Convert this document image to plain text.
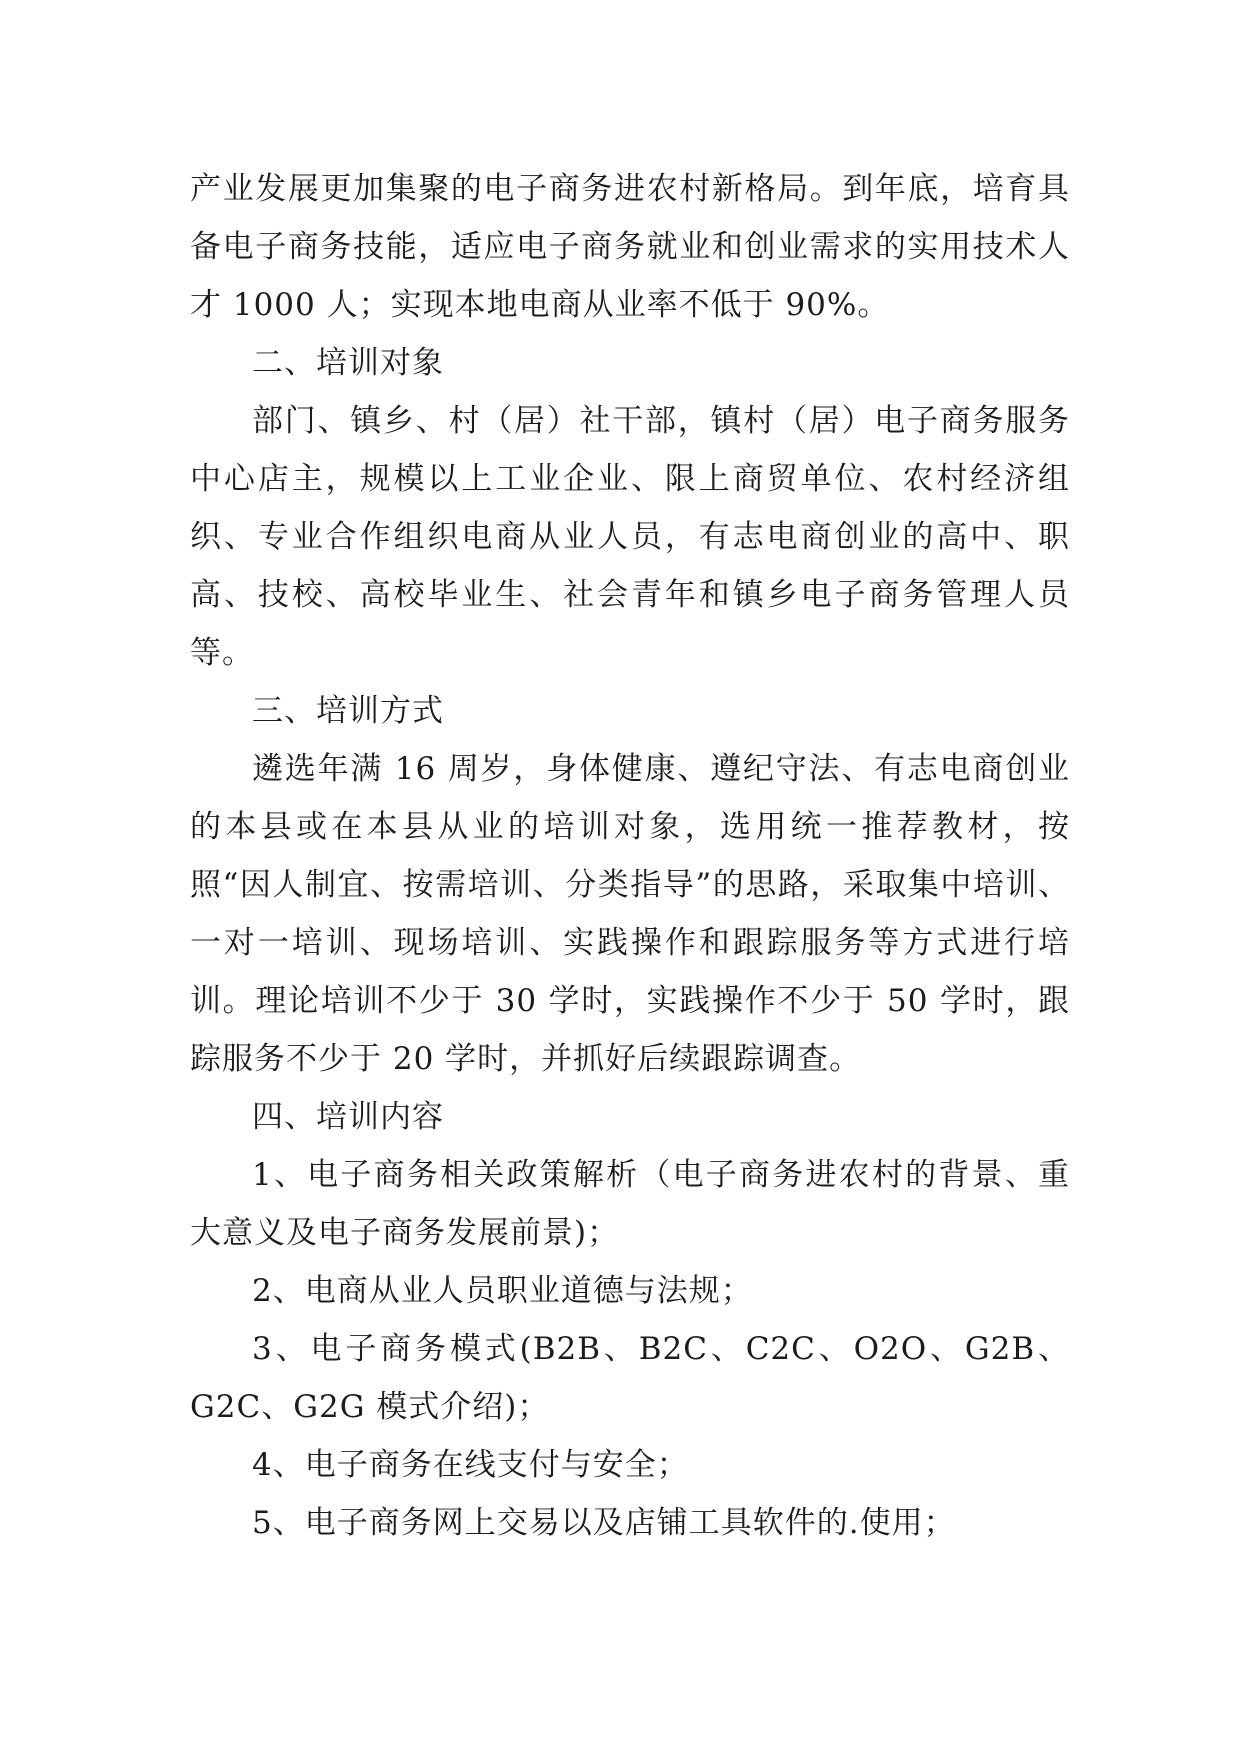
产业发展更加集聚的电子商务进农村新格局。到年底，培育具备电子商务技能，适应电子商务就业和创业需求的实用技术人才 1000 人；实现本地电商从业率不低于 90%。

二、培训对象

部门、镇乡、村（居）社干部，镇村（居）电子商务服务中心店主，规模以上工业企业、限上商贸单位、农村经济组织、专业合作组织电商从业人员，有志电商创业的高中、职高、技校、高校毕业生、社会青年和镇乡电子商务管理人员等。

三、培训方式

遴选年满 16 周岁，身体健康、遵纪守法、有志电商创业的本县或在本县从业的培训对象，选用统一推荐教材，按照“因人制宜、按需培训、分类指导”的思路，采取集中培训、一对一培训、现场培训、实践操作和跟踪服务等方式进行培训。理论培训不少于 30 学时，实践操作不少于 50 学时，跟踪服务不少于 20 学时，并抓好后续跟踪调查。

四、培训内容

1、电子商务相关政策解析（电子商务进农村的背景、重大意义及电子商务发展前景)；

2、电商从业人员职业道德与法规；

3、电子商务模式(B2B、B2C、C2C、O2O、G2B、G2C、G2G 模式介绍)；

4、电子商务在线支付与安全；

5、电子商务网上交易以及店铺工具软件的.使用；
